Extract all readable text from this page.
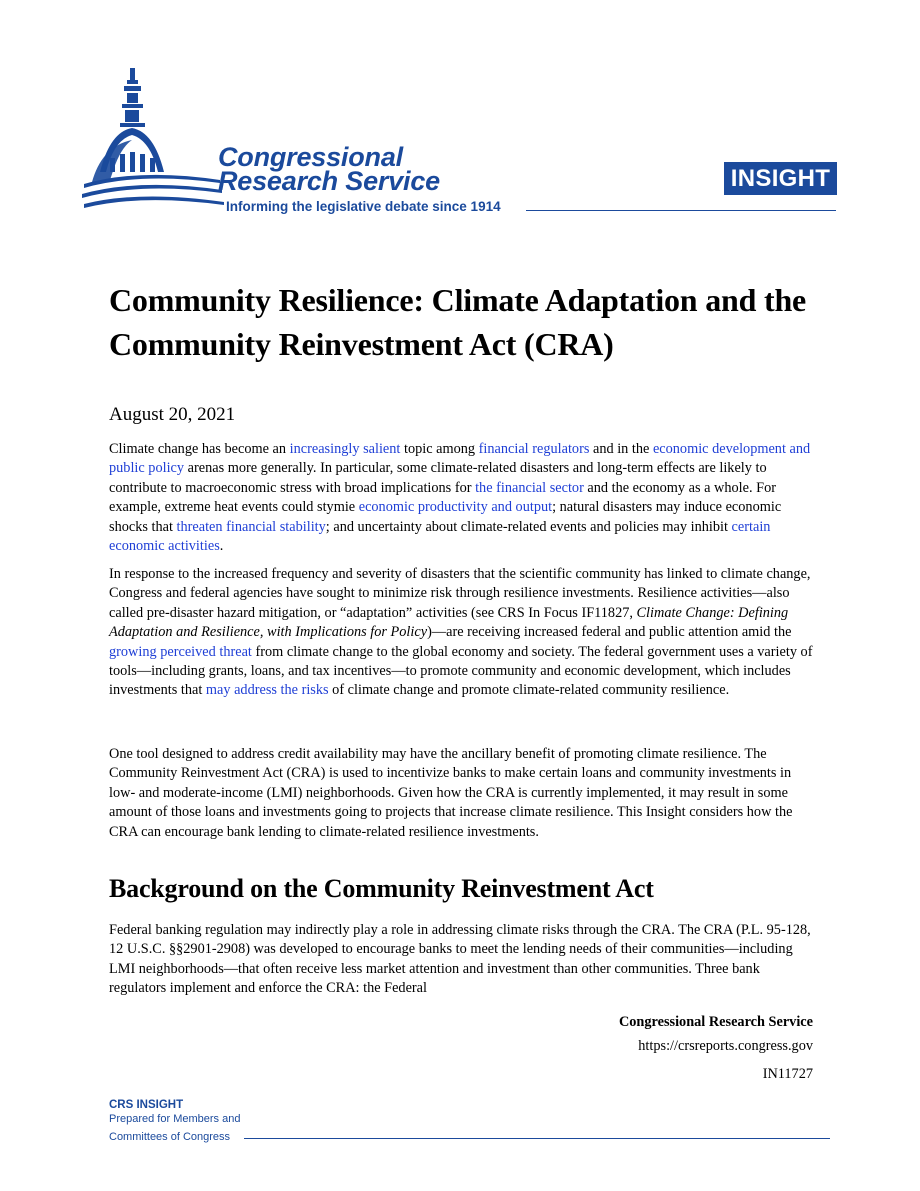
Congressional
Research Service
Informing the legislative debate since 1914
INSIGHT
Community Resilience: Climate Adaptation and the Community Reinvestment Act (CRA)
August 20, 2021

Climate change has become an increasingly salient topic among financial regulators and in the economic development and public policy arenas more generally. In particular, some climate-related disasters and long-term effects are likely to contribute to macroeconomic stress with broad implications for the financial sector and the economy as a whole. For example, extreme heat events could stymie economic productivity and output; natural disasters may induce economic shocks that threaten financial stability; and uncertainty about climate-related events and policies may inhibit certain economic activities.

In response to the increased frequency and severity of disasters that the scientific community has linked to climate change, Congress and federal agencies have sought to minimize risk through resilience investments. Resilience activities—also called pre-disaster hazard mitigation, or “adaptation” activities (see CRS In Focus IF11827, Climate Change: Defining Adaptation and Resilience, with Implications for Policy)—are receiving increased federal and public attention amid the growing perceived threat from climate change to the global economy and society. The federal government uses a variety of tools—including grants, loans, and tax incentives—to promote community and economic development, which includes investments that may address the risks of climate change and promote climate-related community resilience.

One tool designed to address credit availability may have the ancillary benefit of promoting climate resilience. The Community Reinvestment Act (CRA) is used to incentivize banks to make certain loans and community investments in low- and moderate-income (LMI) neighborhoods. Given how the CRA is currently implemented, it may result in some amount of those loans and investments going to projects that increase climate resilience. This Insight considers how the CRA can encourage bank lending to climate-related resilience investments.

Background on the Community Reinvestment Act

Federal banking regulation may indirectly play a role in addressing climate risks through the CRA. The CRA (P.L. 95-128, 12 U.S.C. §§2901-2908) was developed to encourage banks to meet the lending needs of their communities—including LMI neighborhoods—that often receive less market attention and investment than other communities. Three bank regulators implement and enforce the CRA: the Federal

Congressional Research Service
https://crsreports.congress.gov
IN11727
CRS INSIGHT
Prepared for Members and
Committees of Congress
